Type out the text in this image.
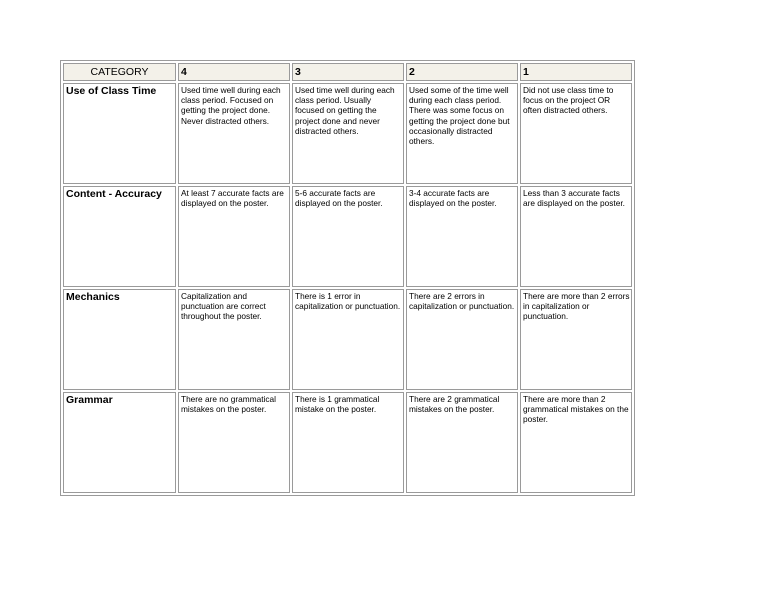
CATEGORY	4	3	2	1
Use of Class Time	Used time well during each class period. Focused on getting the project done. Never distracted others.	Used time well during each class period. Usually focused on getting the project done and never distracted others.	Used some of the time well during each class period. There was some focus on getting the project done but occasionally distracted others.	Did not use class time to focus on the project OR often distracted others.
Content - Accuracy	At least 7 accurate facts are displayed on the poster.	5-6 accurate facts are displayed on the poster.	3-4 accurate facts are displayed on the poster.	Less than 3 accurate facts are displayed on the poster.
Mechanics	Capitalization and punctuation are correct throughout the poster.	There is 1 error in capitalization or punctuation.	There are 2 errors in capitalization or punctuation.	There are more than 2 errors in capitalization or punctuation.
Grammar	There are no grammatical mistakes on the poster.	There is 1 grammatical mistake on the poster.	There are 2 grammatical mistakes on the poster.	There are more than 2 grammatical mistakes on the poster.
